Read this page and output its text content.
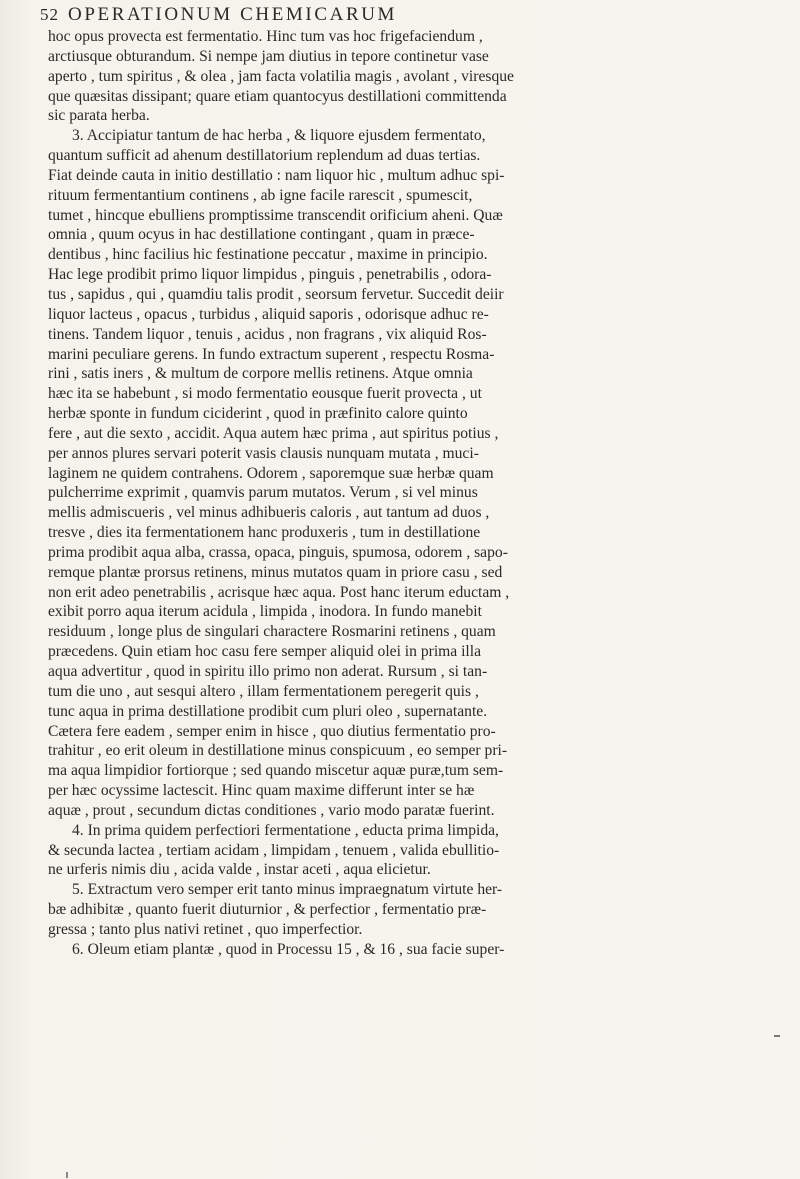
52 OPERATIONUM CHEMICARUM
hoc opus provecta est fermentatio. Hinc tum vas hoc frigefaciendum ,
arctiusque obturandum. Si nempe jam diutius in tepore continetur vase
aperto , tum spiritus , & olea , jam facta volatilia magis , avolant , viresque
que quæsitas dissipant; quare etiam quantocyus destillationi committenda
sic parata herba.
3. Accipiatur tantum de hac herba , & liquore ejusdem fermentato,
quantum sufficit ad ahenum destillatorium replendum ad duas tertias.
Fiat deinde cauta in initio destillatio : nam liquor hic , multum adhuc spi-
rituum fermentantium continens , ab igne facile rarescit , spumescit,
tumet , hincque ebulliens promptissime transcendit orificium aheni. Quæ
omnia , quum ocyus in hac destillatione contingant , quam in præce-
dentibus , hinc facilius hic festinatione peccatur , maxime in principio.
Hac lege prodibit primo liquor limpidus , pinguis , penetrabilis , odora-
tus , sapidus , qui , quamdiu talis prodit , seorsum fervetur. Succedit deiir
liquor lacteus , opacus , turbidus , aliquid saporis , odorisque adhuc re-
tinens. Tandem liquor , tenuis , acidus , non fragrans , vix aliquid Ros-
marini peculiare gerens. In fundo extractum superent , respectu Rosma-
rini , satis iners , & multum de corpore mellis retinens. Atque omnia
hæc ita se habebunt , si modo fermentatio eousque fuerit provecta , ut
herbæ sponte in fundum ciciderint , quod in præfinito calore quinto
fere , aut die sexto , accidit. Aqua autem hæc prima , aut spiritus potius ,
per annos plures servari poterit vasis clausis nunquam mutata , muci-
laginem ne quidem contrahens. Odorem , saporemque suæ herbæ quam
pulcherrime exprimit , quamvis parum mutatos. Verum , si vel minus
mellis admiscueris , vel minus adhibueris caloris , aut tantum ad duos ,
tresve , dies ita fermentationem hanc produxeris , tum in destillatione
prima prodibit aqua alba, crassa, opaca, pinguis, spumosa, odorem , sapo-
remque plantæ prorsus retinens, minus mutatos quam in priore casu , sed
non erit adeo penetrabilis , acrisque hæc aqua. Post hanc iterum eductam ,
exibit porro aqua iterum acidula , limpida , inodora. In fundo manebit
residuum , longe plus de singulari charactere Rosmarini retinens , quam
præcedens. Quin etiam hoc casu fere semper aliquid olei in prima illa
aqua advertitur , quod in spiritu illo primo non aderat. Rursum , si tan-
tum die uno , aut sesqui altero , illam fermentationem peregerit quis ,
tunc aqua in prima destillatione prodibit cum pluri oleo , supernatante.
Cætera fere eadem , semper enim in hisce , quo diutius fermentatio pro-
trahitur , eo erit oleum in destillatione minus conspicuum , eo semper pri-
ma aqua limpidior fortiorque ; sed quando miscetur aquæ puræ,tum sem-
per hæc ocyssime lactescit. Hinc quam maxime differunt inter se hæ
aquæ , prout , secundum dictas conditiones , vario modo paratæ fuerint.
4. In prima quidem perfectiori fermentatione , educta prima limpida,
& secunda lactea , tertiam acidam , limpidam , tenuem , valida ebullitio-
ne urferis nimis diu , acida valde , instar aceti , aqua elicietur.
5. Extractum vero semper erit tanto minus impraegnatum virtute her-
bæ adhibitæ , quanto fuerit diuturnior , & perfectior , fermentatio præ-
gressa ; tanto plus nativi retinet , quo imperfectior.
6. Oleum etiam plantæ , quod in Processu 15 , & 16 , sua facie super-
